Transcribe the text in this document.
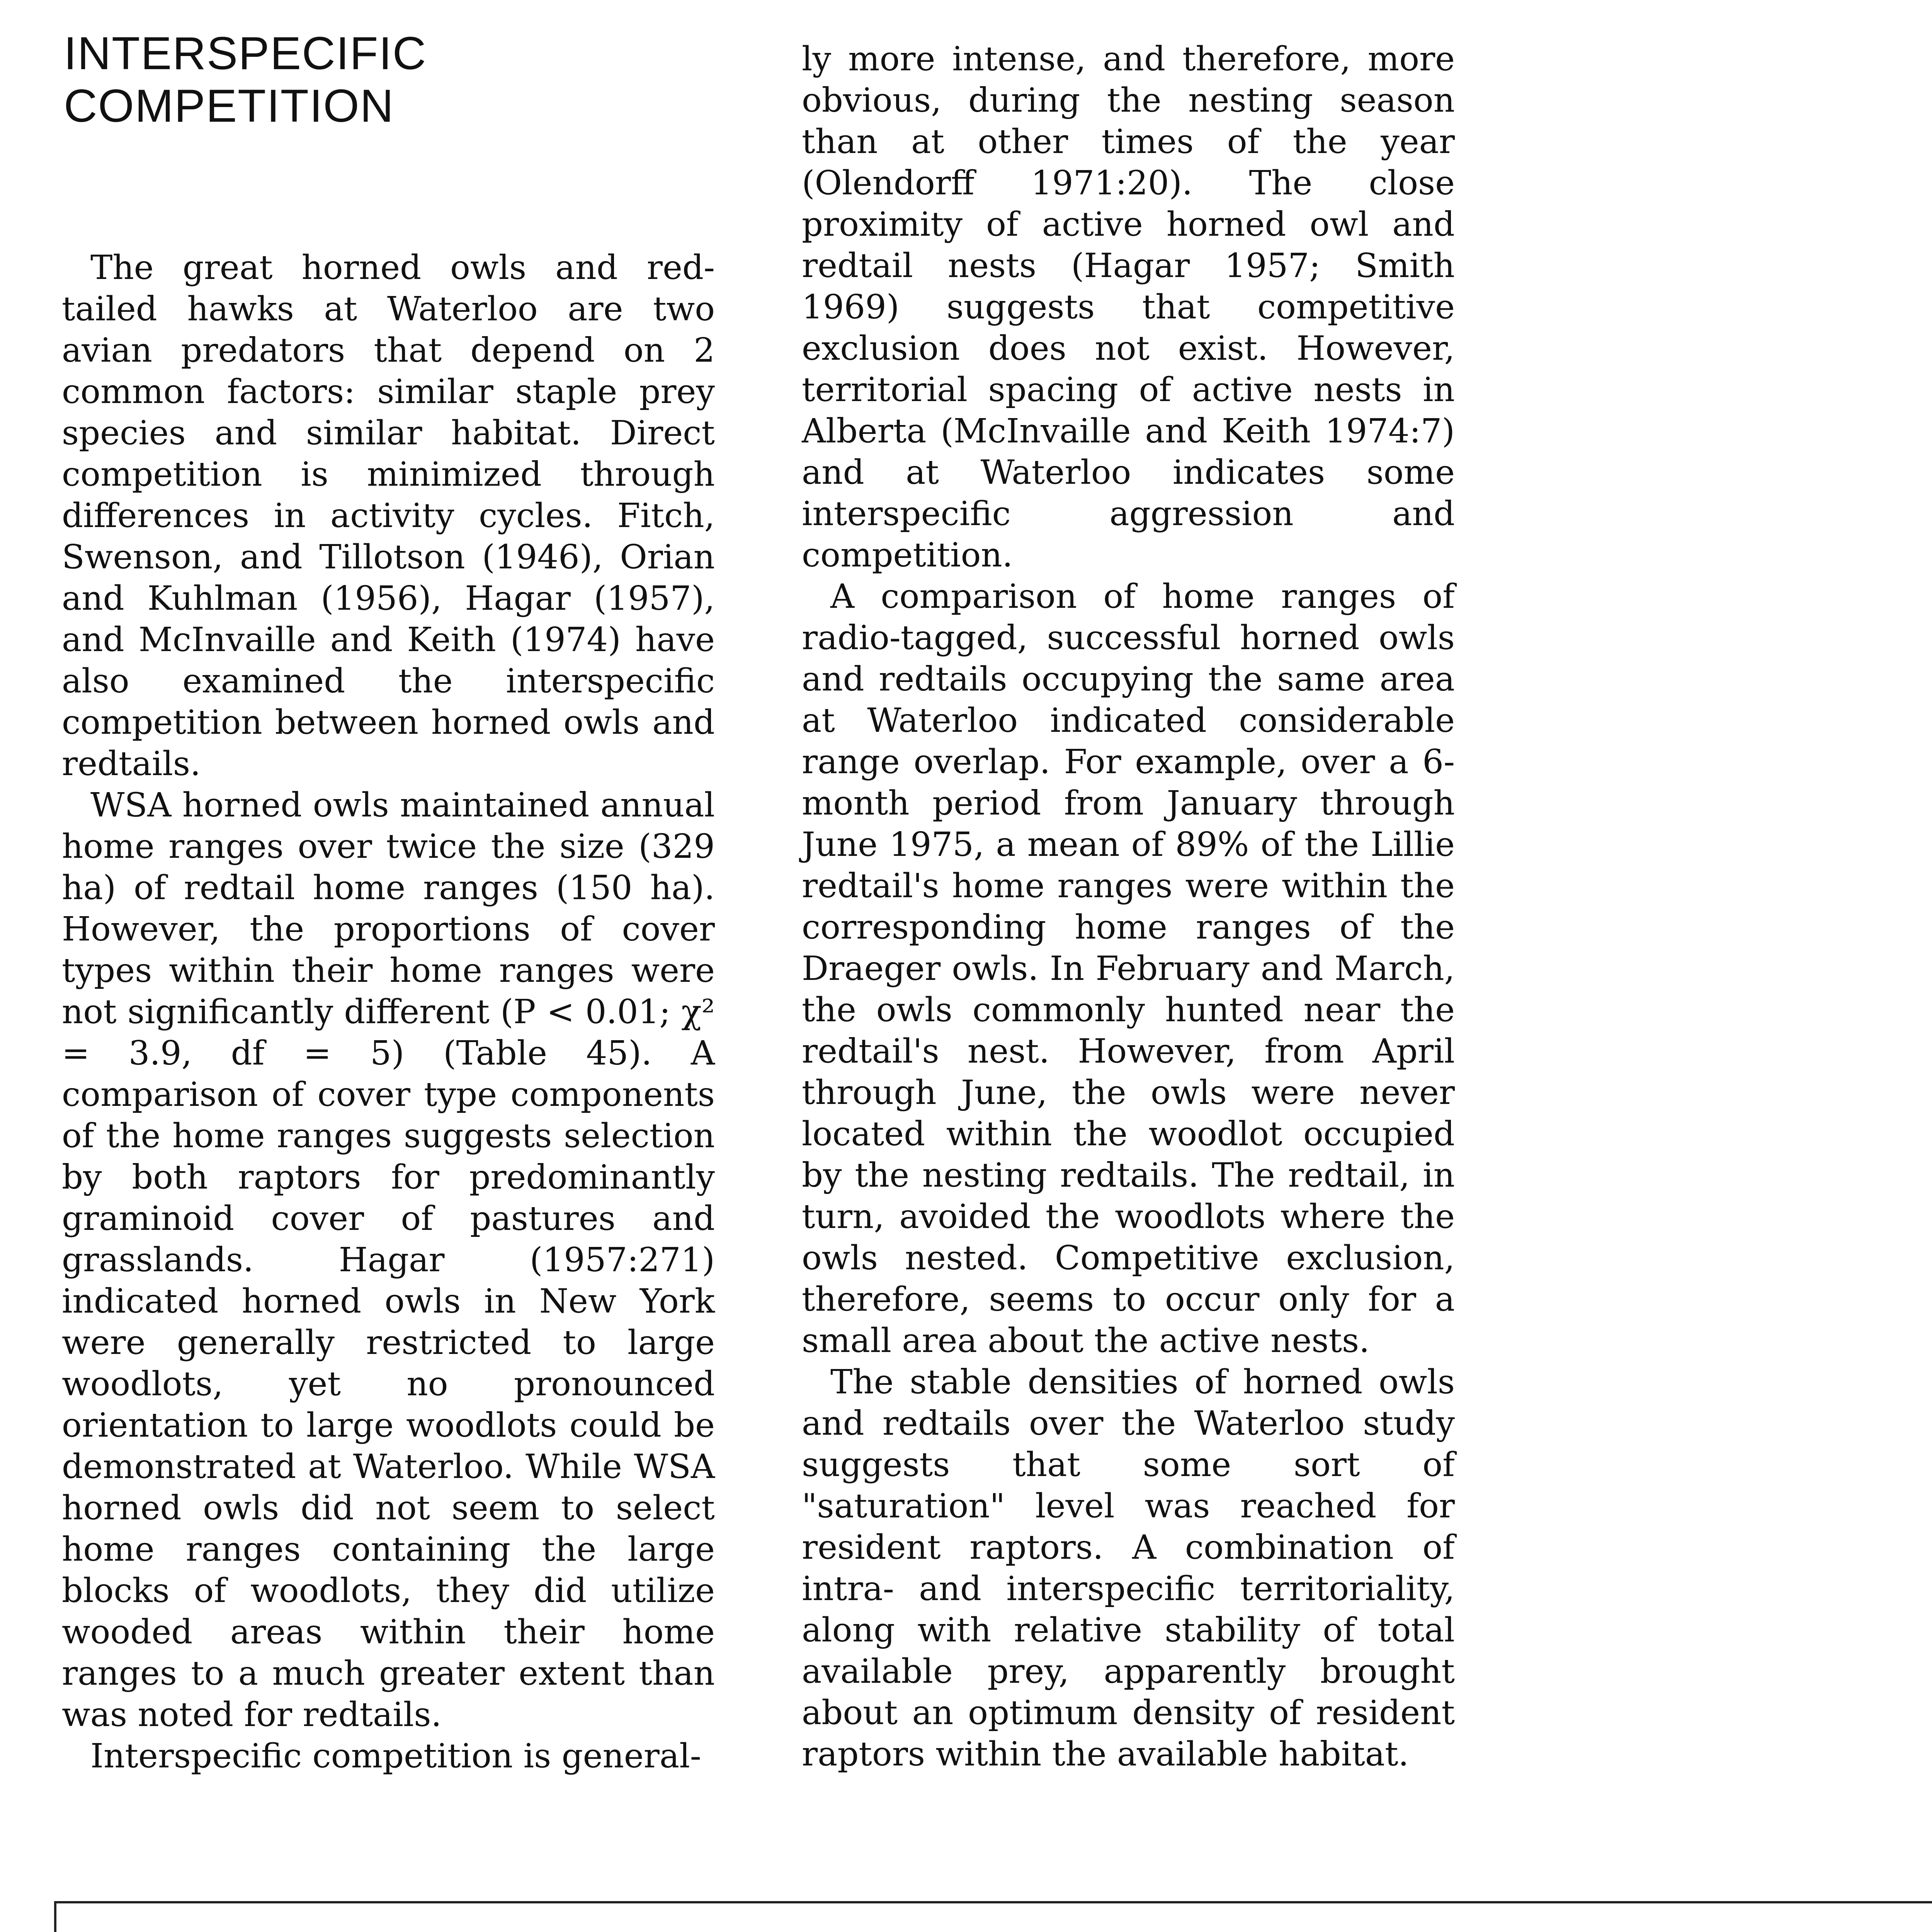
INTERSPECIFIC
COMPETITION

The great horned owls and red-tailed hawks at Waterloo are two avian predators that depend on 2 common factors: similar staple prey species and similar habitat. Direct competition is minimized through differences in activity cycles. Fitch, Swenson, and Tillotson (1946), Orian and Kuhlman (1956), Hagar (1957), and McInvaille and Keith (1974) have also examined the interspecific competition between horned owls and redtails.

WSA horned owls maintained annual home ranges over twice the size (329 ha) of redtail home ranges (150 ha). However, the proportions of cover types within their home ranges were not significantly different (P < 0.01; χ² = 3.9, df = 5) (Table 45). A comparison of cover type components of the home ranges suggests selection by both raptors for predominantly graminoid cover of pastures and grasslands. Hagar (1957:271) indicated horned owls in New York were generally restricted to large woodlots, yet no pronounced orientation to large woodlots could be demonstrated at Waterloo. While WSA horned owls did not seem to select home ranges containing the large blocks of woodlots, they did utilize wooded areas within their home ranges to a much greater extent than was noted for redtails.

Interspecific competition is general-

ly more intense, and therefore, more obvious, during the nesting season than at other times of the year (Olendorff 1971:20). The close proximity of active horned owl and redtail nests (Hagar 1957; Smith 1969) suggests that competitive exclusion does not exist. However, territorial spacing of active nests in Alberta (McInvaille and Keith 1974:7) and at Waterloo indicates some interspecific aggression and competition.

A comparison of home ranges of radio-tagged, successful horned owls and redtails occupying the same area at Waterloo indicated considerable range overlap. For example, over a 6-month period from January through June 1975, a mean of 89% of the Lillie redtail's home ranges were within the corresponding home ranges of the Draeger owls. In February and March, the owls commonly hunted near the redtail's nest. However, from April through June, the owls were never located within the woodlot occupied by the nesting redtails. The redtail, in turn, avoided the woodlots where the owls nested. Competitive exclusion, therefore, seems to occur only for a small area about the active nests.

The stable densities of horned owls and redtails over the Waterloo study suggests that some sort of "saturation" level was reached for resident raptors. A combination of intra- and interspecific territoriality, along with relative stability of total available prey, apparently brought about an optimum density of resident raptors within the available habitat.
